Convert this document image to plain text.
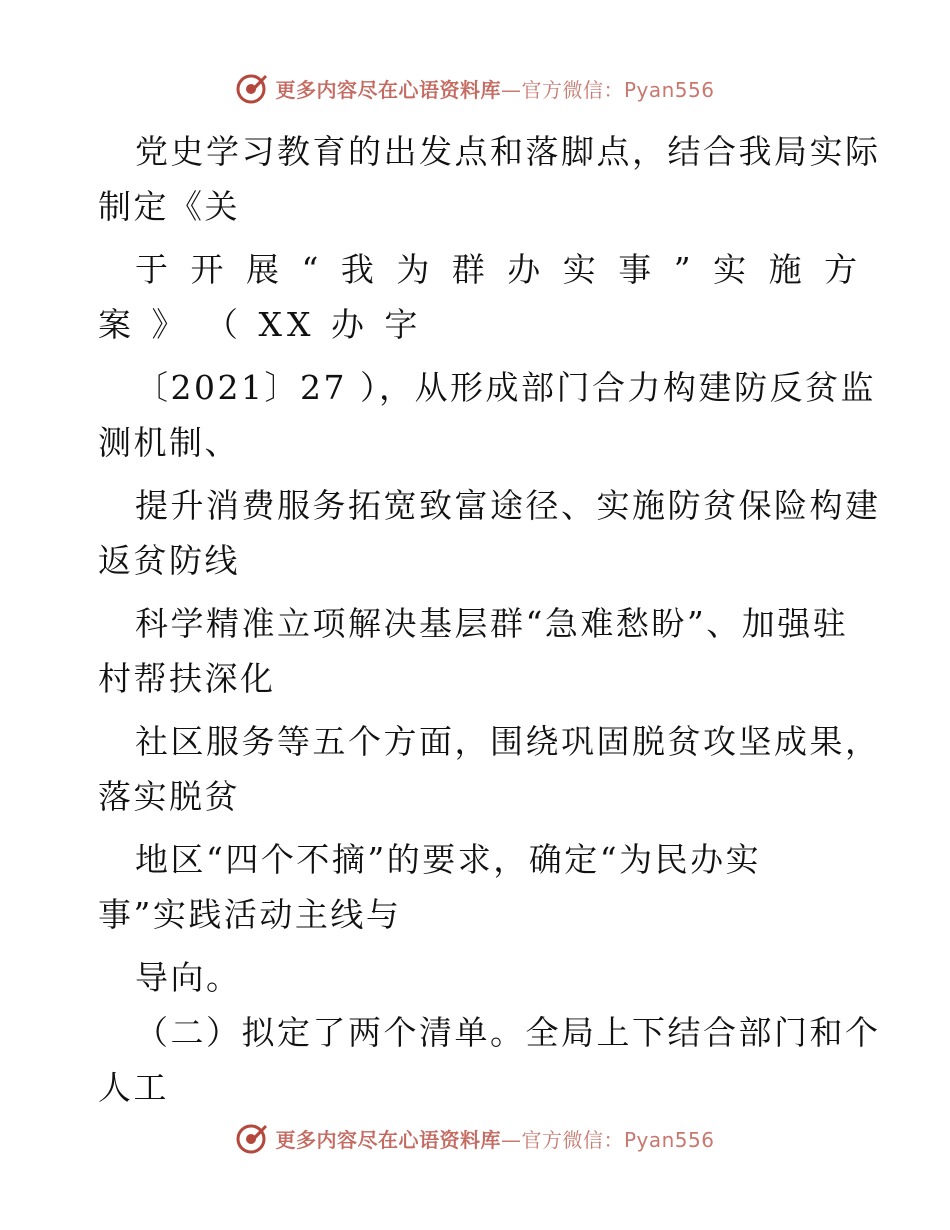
更多内容尽在心语资料库—官方微信：Pyan556
党史学习教育的出发点和落脚点，结合我局实际
制定《关
于 开 展 “ 我 为 群 办 实 事 ” 实 施 方
案 》 （ XX 办 字
〔2021〕27 ），从形成部门合力构建防反贫监
测机制、
提升消费服务拓宽致富途径、实施防贫保险构建
返贫防线
科学精准立项解决基层群“急难愁盼”、加强驻
村帮扶深化
社区服务等五个方面，围绕巩固脱贫攻坚成果，
落实脱贫
地区“四个不摘”的要求，确定“为民办实
事”实践活动主线与
导向。
（二）拟定了两个清单。全局上下结合部门和个
人工
更多内容尽在心语资料库—官方微信：Pyan556
